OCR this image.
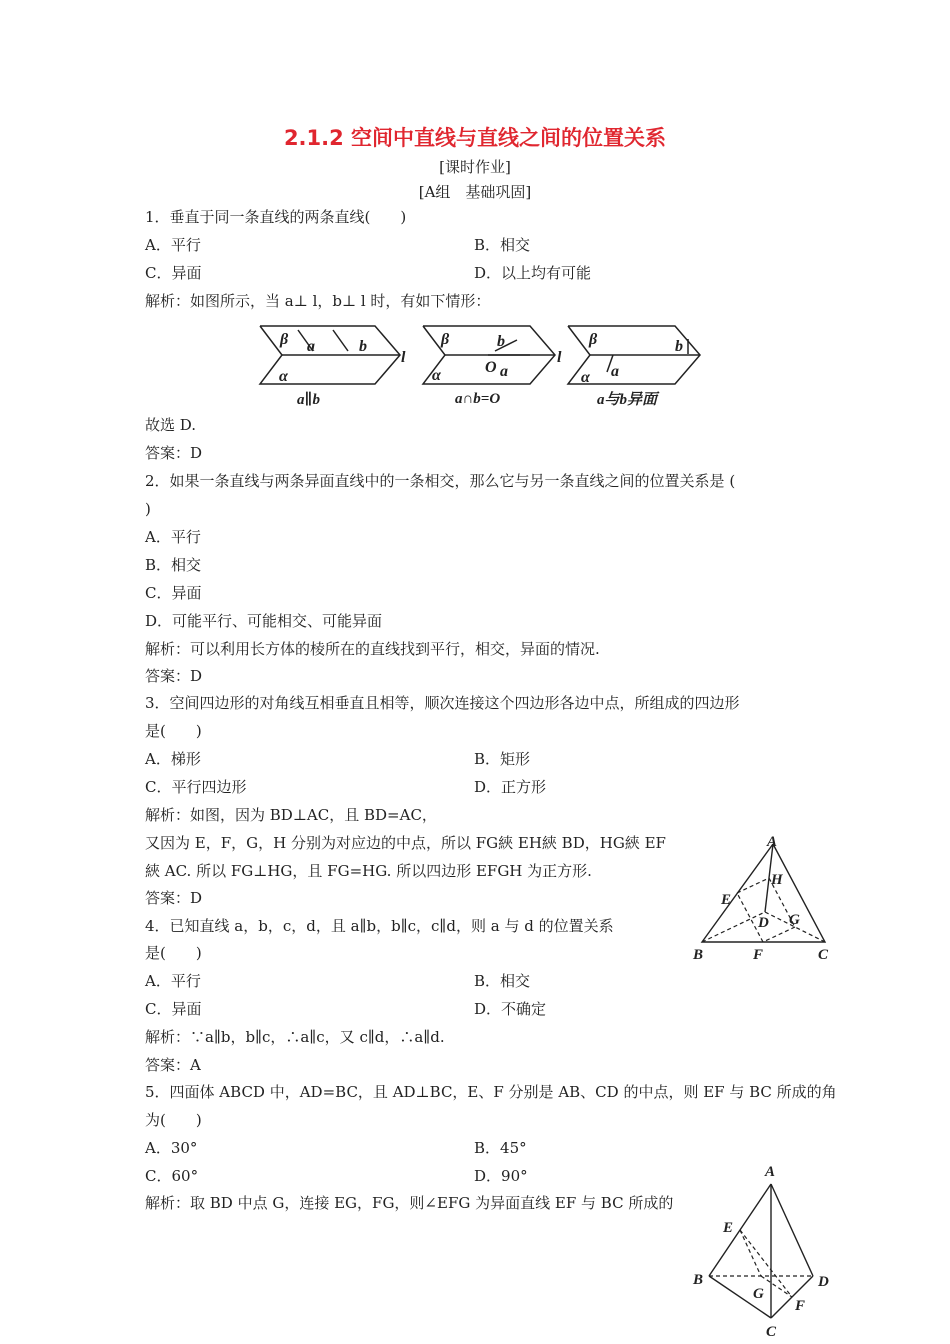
2.1.2 空间中直线与直线之间的位置关系
[课时作业]
[A组　基础巩固]
1．垂直于同一条直线的两条直线(　　)
A．平行	B．相交
C．异面	D．以上均有可能
解析：如图所示，当 a⊥ l，b⊥ l 时，有如下情形：
β a	b
l
α
β	b
O a
l
α
β	b
a
α
a∥b	a∩b=O	a与b异面
故选 D.
答案：D
2．如果一条直线与两条异面直线中的一条相交，那么它与另一条直线之间的位置关系是 (
)
A．平行
B．相交
C．异面
D．可能平行、可能相交、可能异面
解析：可以利用长方体的棱所在的直线找到平行，相交，异面的情况.
答案：D
3．空间四边形的对角线互相垂直且相等，顺次连接这个四边形各边中点，所组成的四边形
是(　　)
A．梯形	B．矩形
C．平行四边形	D．正方形
解析：如图，因为 BD⊥AC，且 BD=AC，
又因为 E，F，G，H 分别为对应边的中点，所以 FG綊 EH綊 BD，HG綊 EF
綊 AC. 所以 FG⊥HG，且 FG=HG. 所以四边形 EFGH 为正方形.
答案：D
A
H
E
D G
B	F	C
4．已知直线 a，b，c，d，且 a∥b，b∥c，c∥d，则 a 与 d 的位置关系
是(　　)
A．平行	B．相交
C．异面	D．不确定
解析：∵a∥b，b∥c，∴a∥c，又 c∥d，∴a∥d.
答案：A
5．四面体 ABCD 中，AD=BC，且 AD⊥BC，E、F 分别是 AB、CD 的中点，则 EF 与 BC 所成的角
为(　　)
A．30°	B．45°
C．60°	D．90°
解析：取 BD 中点 G，连接 EG，FG，则∠EFG 为异面直线 EF 与 BC 所成的
A
E
B	D
G
F
C
